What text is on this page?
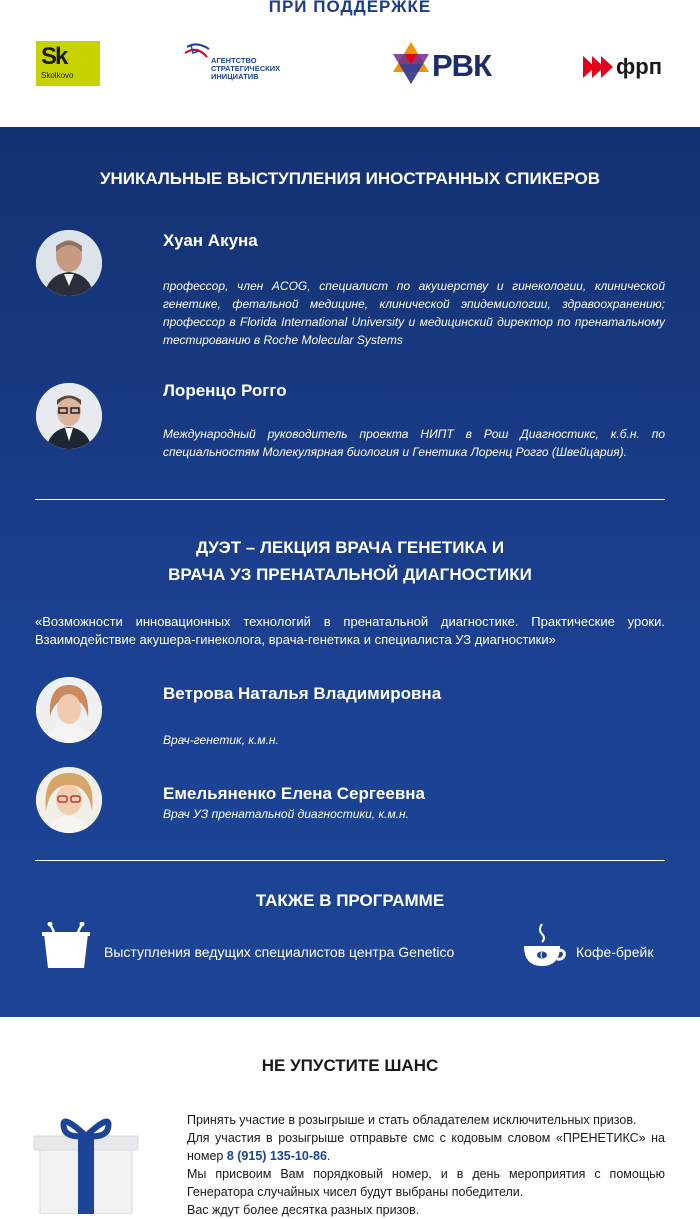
ПРИ ПОДДЕРЖКЕ
Sk
Skolkovo
АГЕНТСТВО
СТРАТЕГИЧЕСКИХ
ИНИЦИАТИВ	РВК	фрп
УНИКАЛЬНЫЕ ВЫСТУПЛЕНИЯ ИНОСТРАННЫХ СПИКЕРОВ
Хуан Акуна
профессор, член ACOG, специалист по акушерству и гинекологии, клинической генетике, фетальной медицине, клинической эпидемиологии, здравоохранению; профессор в Florida International University и медицинский директор по пренатальному тестированию в Roche Molecular Systems
Лоренцо Рогго
Международный руководитель проекта НИПТ в Рош Диагностикс, к.б.н. по специальностям Молекулярная биология и Генетика Лоренц Рогго (Швейцария).
ДУЭТ – ЛЕКЦИЯ ВРАЧА ГЕНЕТИКА И
ВРАЧА УЗ ПРЕНАТАЛЬНОЙ ДИАГНОСТИКИ
«Возможности инновационных технологий в пренатальной диагностике. Практические уроки. Взаимодействие акушера-гинеколога, врача-генетика и специалиста УЗ диагностики»
Ветрова Наталья Владимировна
Врач-генетик, к.м.н.
Емельяненко Елена Сергеевна
Врач УЗ пренатальной диагностики, к.м.н.
ТАКЖЕ В ПРОГРАММЕ
Выступления ведущих специалистов центра Genetico	Кофе-брейк
НЕ УПУСТИТЕ ШАНС
Принять участие в розыгрыше и стать обладателем исключительных призов.
Для участия в розыгрыше отправьте смс с кодовым словом «ПРЕНЕТИКС» на номер 8 (915) 135-10-86.
Мы присвоим Вам порядковый номер, и в день мероприятия с помощью Генератора случайных чисел будут выбраны победители.
Вас ждут более десятка разных призов.
